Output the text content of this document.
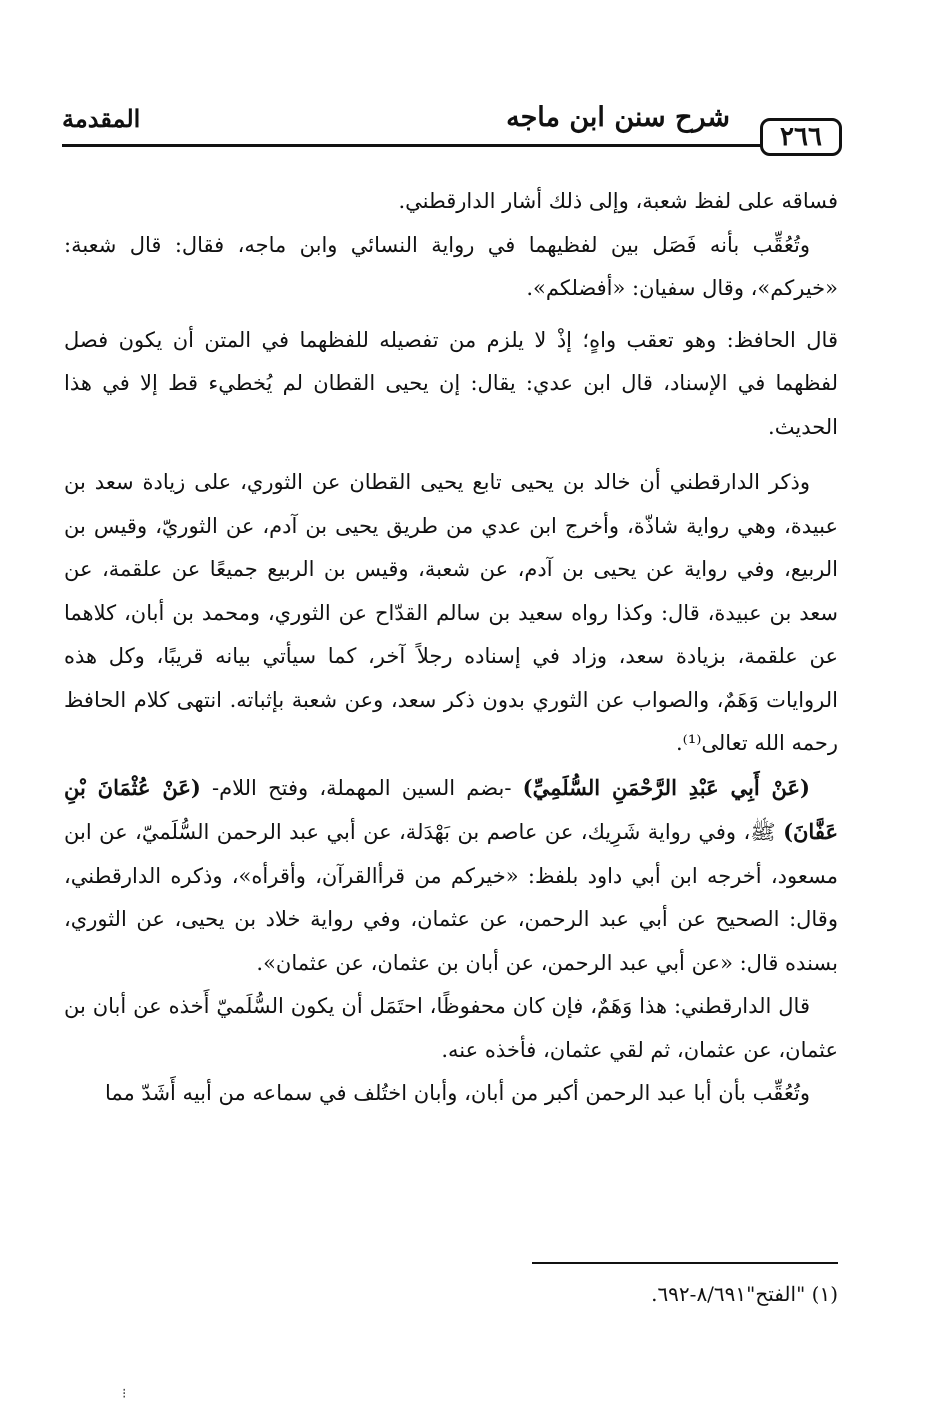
٢٦٦
شرح سنن ابن ماجه
المقدمة

فساقه على لفظ شعبة، وإلى ذلك أشار الدارقطني.

وتُعُقِّب بأنه فَصَل بين لفظيهما في رواية النسائي وابن ماجه، فقال: قال شعبة: «خيركم»، وقال سفيان: «أفضلكم».

قال الحافظ: وهو تعقب واهٍ؛ إذْ لا يلزم من تفصيله للفظهما في المتن أن يكون فصل لفظهما في الإسناد، قال ابن عدي: يقال: إن يحيى القطان لم يُخطيء قط إلا في هذا الحديث.

وذكر الدارقطني أن خالد بن يحيى تابع يحيى القطان عن الثوري، على زيادة سعد بن عبيدة، وهي رواية شاذّة، وأخرج ابن عدي من طريق يحيى بن آدم، عن الثوريّ، وقيس بن الربيع، وفي رواية عن يحيى بن آدم، عن شعبة، وقيس بن الربيع جميعًا عن علقمة، عن سعد بن عبيدة، قال: وكذا رواه سعيد بن سالم القدّاح عن الثوري، ومحمد بن أبان، كلاهما عن علقمة، بزيادة سعد، وزاد في إسناده رجلاً آخر، كما سيأتي بيانه قريبًا، وكل هذه الروايات وَهَمٌ، والصواب عن الثوري بدون ذكر سعد، وعن شعبة بإثباته. انتهى كلام الحافظ رحمه الله تعالى⁽¹⁾.

(عَنْ أَبِي عَبْدِ الرَّحْمَنِ السُّلَمِيِّ) -بضم السين المهملة، وفتح اللام- (عَنْ عُثْمَانَ بْنِ عَفَّانَ) ﷺ، وفي رواية شَرِيك، عن عاصم بن بَهْدَلة، عن أبي عبد الرحمن السُّلَميّ، عن ابن مسعود، أخرجه ابن أبي داود بلفظ: «خيركم من قرأالقرآن، وأقرأه»، وذكره الدارقطني، وقال: الصحيح عن أبي عبد الرحمن، عن عثمان، وفي رواية خلاد بن يحيى، عن الثوري، بسنده قال: «عن أبي عبد الرحمن، عن أبان بن عثمان، عن عثمان».

قال الدارقطني: هذا وَهَمٌ، فإن كان محفوظًا، احتَمَل أن يكون السُّلَميّ أَخذه عن أبان بن عثمان، عن عثمان، ثم لقي عثمان، فأخذه عنه.

وتُعُقِّب بأن أبا عبد الرحمن أكبر من أبان، وأبان اختُلف في سماعه من أبيه أَشَدّ مما

(١) "الفتح"٨/٦٩١-٦٩٢.
⁝
